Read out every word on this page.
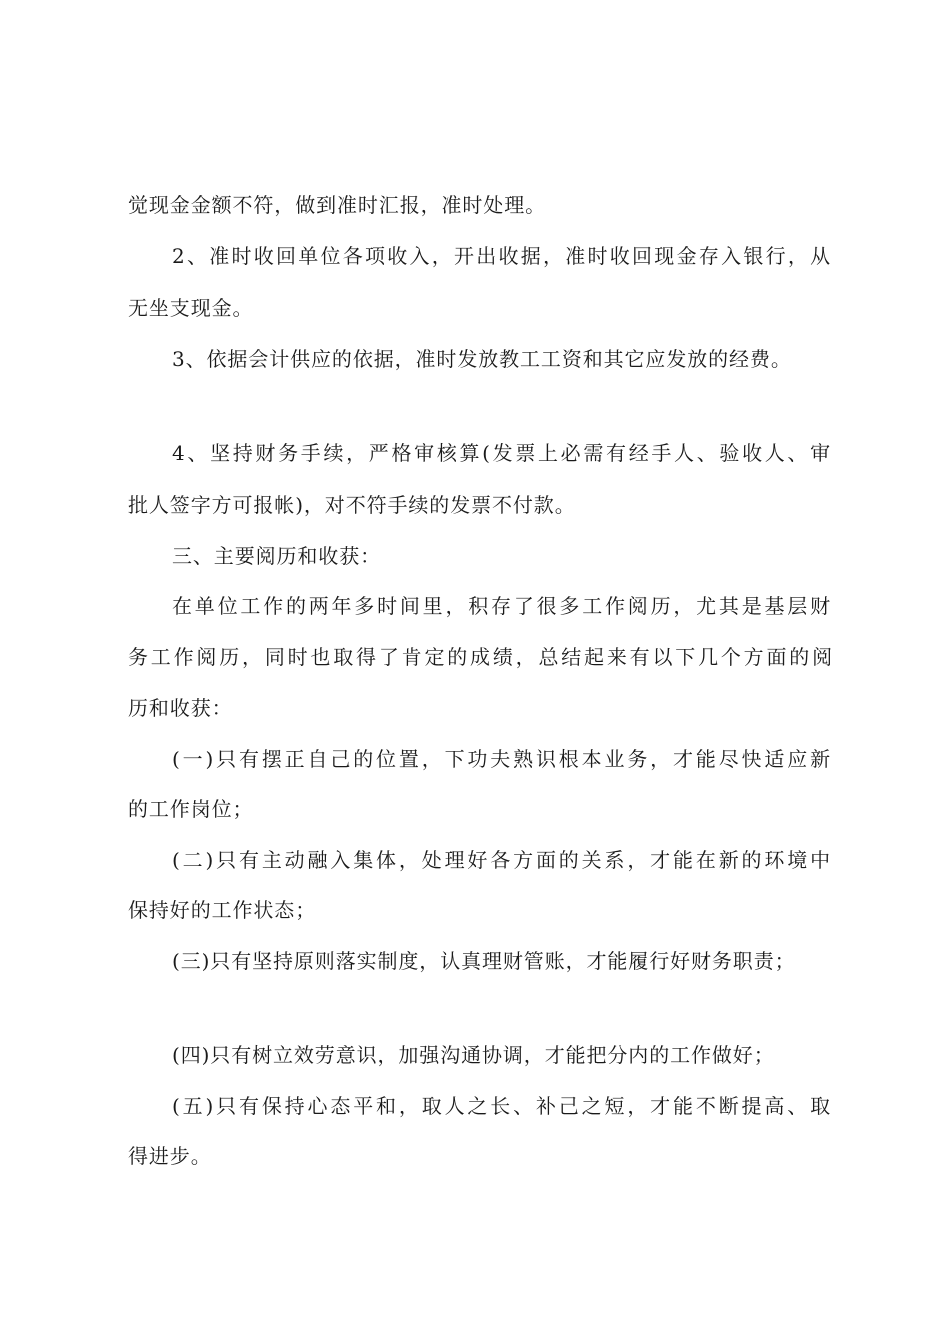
觉现金金额不符，做到准时汇报，准时处理。
2、准时收回单位各项收入，开出收据，准时收回现金存入银行，从
无坐支现金。
3、依据会计供应的依据，准时发放教工工资和其它应发放的经费。
4、坚持财务手续，严格审核算(发票上必需有经手人、验收人、审
批人签字方可报帐)，对不符手续的发票不付款。
三、主要阅历和收获：
在单位工作的两年多时间里，积存了很多工作阅历，尤其是基层财
务工作阅历，同时也取得了肯定的成绩，总结起来有以下几个方面的阅
历和收获：
(一)只有摆正自己的位置，下功夫熟识根本业务，才能尽快适应新
的工作岗位；
(二)只有主动融入集体，处理好各方面的关系，才能在新的环境中
保持好的工作状态；
(三)只有坚持原则落实制度，认真理财管账，才能履行好财务职责；
(四)只有树立效劳意识，加强沟通协调，才能把分内的工作做好；
(五)只有保持心态平和，取人之长、补己之短，才能不断提高、取
得进步。
